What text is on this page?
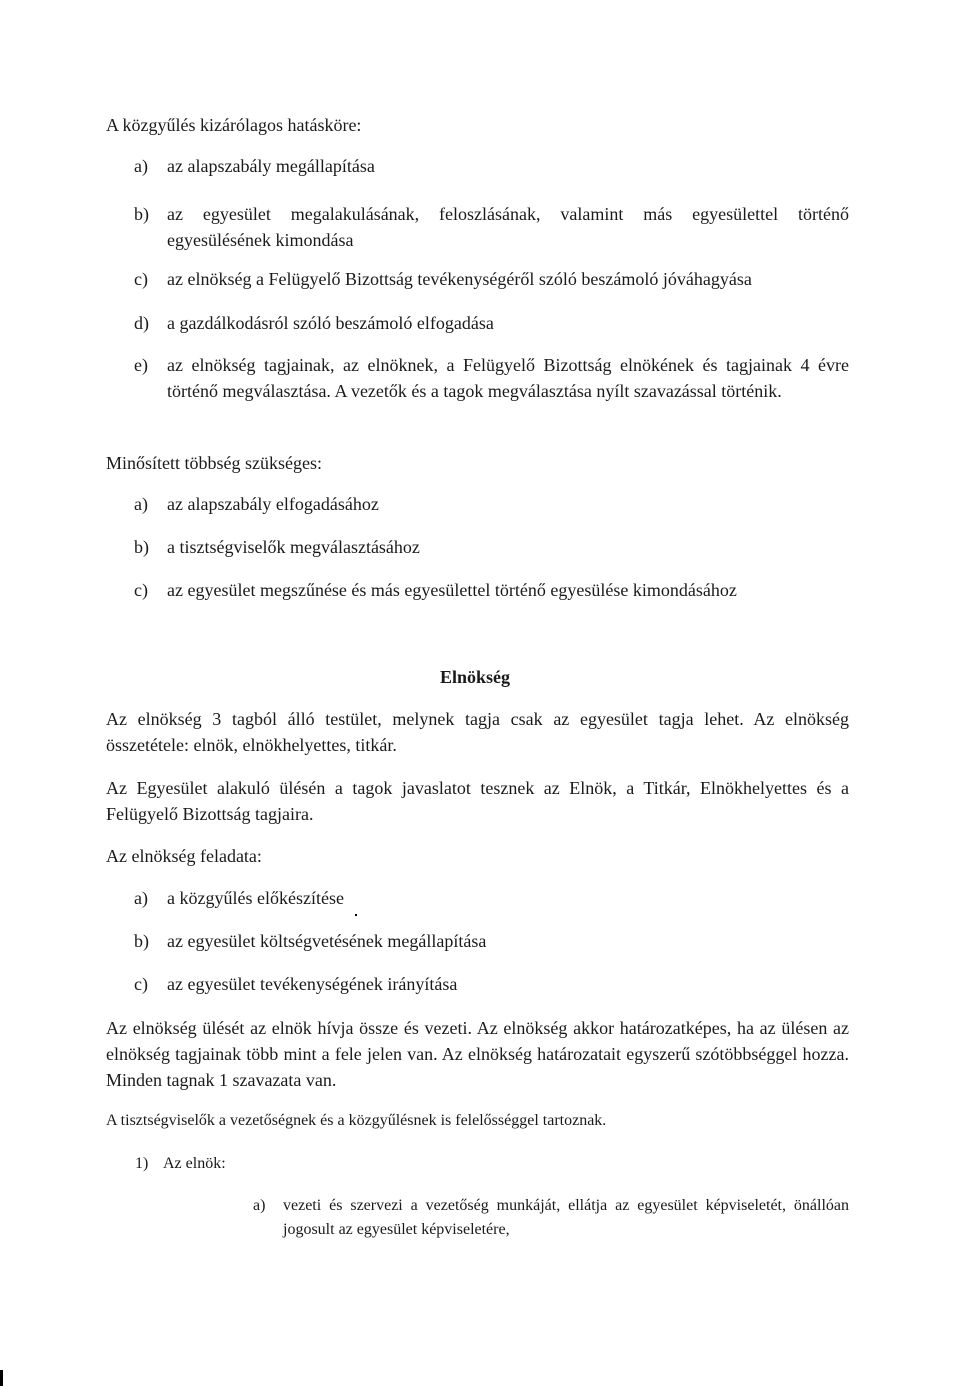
A közgyűlés kizárólagos hatásköre:

a) az alapszabály megállapítása
b) az egyesület megalakulásának, feloszlásának, valamint más egyesülettel történő egyesülésének kimondása
c) az elnökség a Felügyelő Bizottság tevékenységéről szóló beszámoló jóváhagyása
d) a gazdálkodásról szóló beszámoló elfogadása
e) az elnökség tagjainak, az elnöknek, a Felügyelő Bizottság elnökének és tagjainak 4 évre történő megválasztása. A vezetők és a tagok megválasztása nyílt szavazással történik.

Minősített többség szükséges:

a) az alapszabály elfogadásához
b) a tisztségviselők megválasztásához
c) az egyesület megszűnése és más egyesülettel történő egyesülése kimondásához

Elnökség

Az elnökség 3 tagból álló testület, melynek tagja csak az egyesület tagja lehet. Az elnökség összetétele: elnök, elnökhelyettes, titkár.

Az Egyesület alakuló ülésén a tagok javaslatot tesznek az Elnök, a Titkár, Elnökhelyettes és a Felügyelő Bizottság tagjaira.

Az elnökség feladata:

a) a közgyűlés előkészítése
b) az egyesület költségvetésének megállapítása
c) az egyesület tevékenységének irányítása

Az elnökség ülését az elnök hívja össze és vezeti. Az elnökség akkor határozatképes, ha az ülésen az elnökség tagjainak több mint a fele jelen van. Az elnökség határozatait egyszerű szótöbbséggel hozza. Minden tagnak 1 szavazata van.

A tisztségviselők a vezetőségnek és a közgyűlésnek is felelősséggel tartoznak.

1) Az elnök:

a) vezeti és szervezi a vezetőség munkáját, ellátja az egyesület képviseletét, önállóan jogosult az egyesület képviseletére,
